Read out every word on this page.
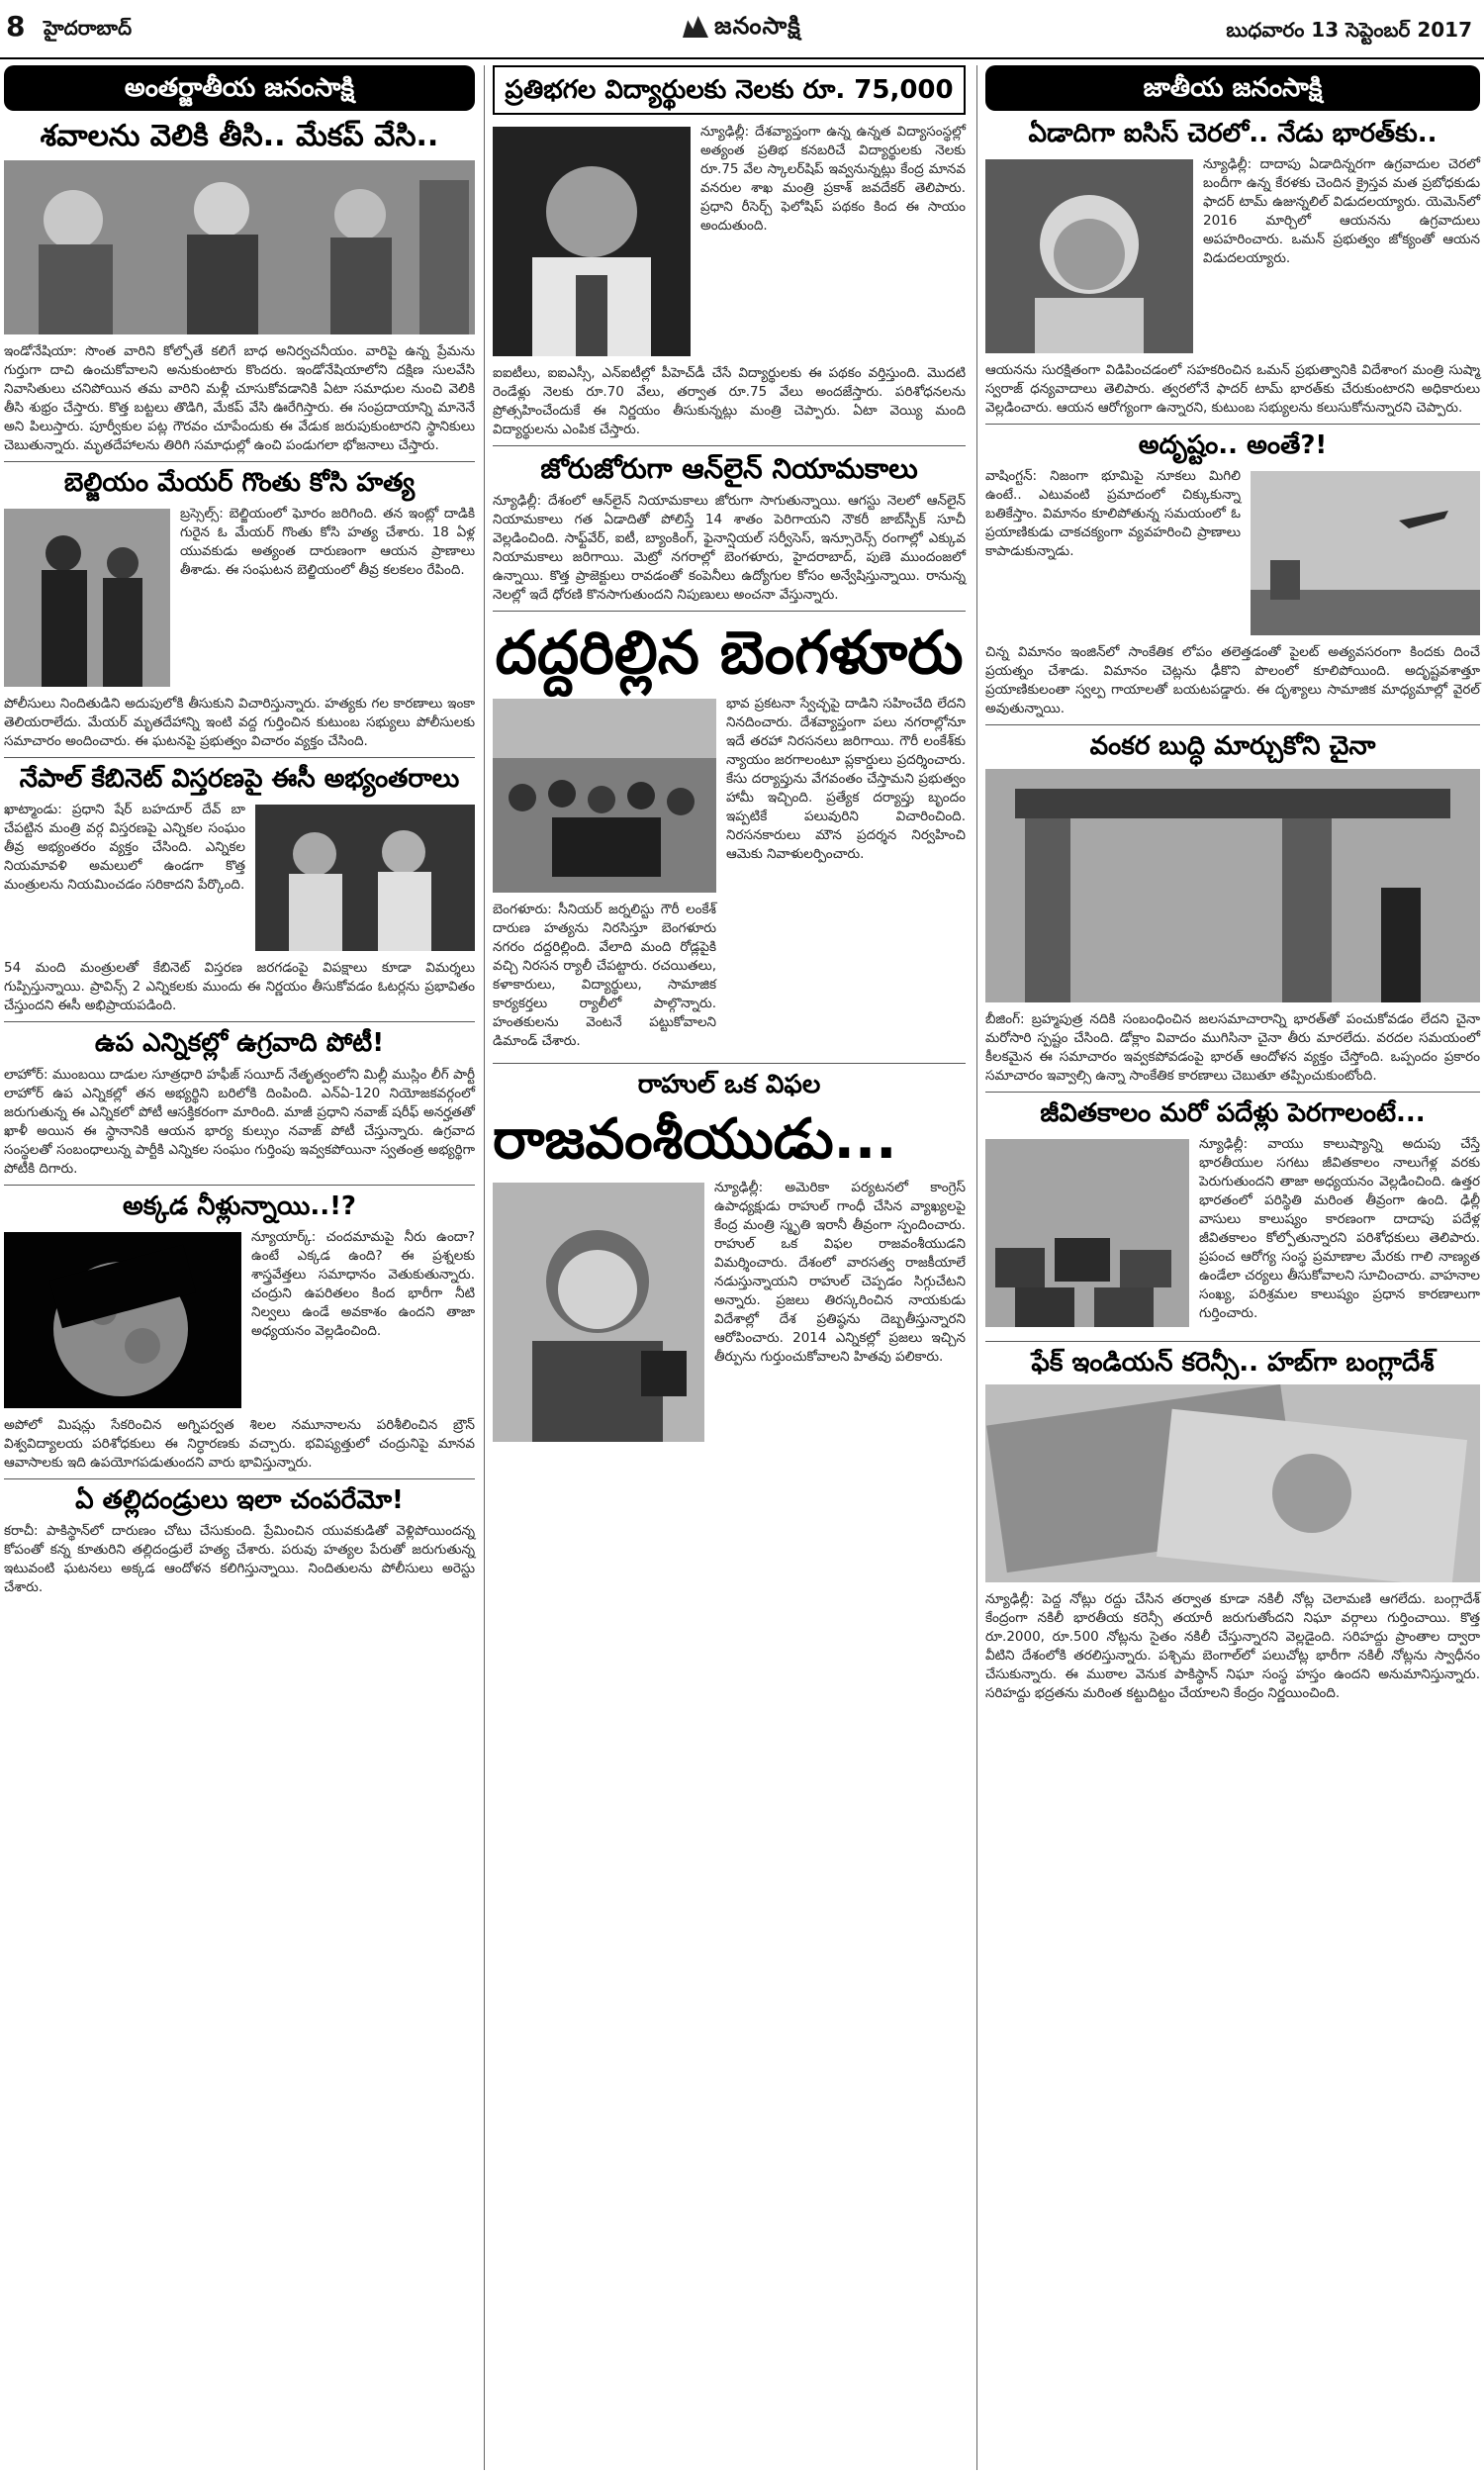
8 హైదరాబాద్	జనంసాక్షి	బుధవారం 13 సెప్టెంబర్ 2017
అంతర్జాతీయ జనంసాక్షి
శవాలను వెలికి తీసి.. మేకప్ వేసి..

ఇండోనేషియా: సొంత వారిని కోల్పోతే కలిగే బాధ అనిర్వచనీయం. వారిపై ఉన్న ప్రేమను గుర్తుగా దాచి ఉంచుకోవాలని అనుకుంటారు కొందరు. ఇండోనేషియాలోని దక్షిణ సులవేసి నివాసితులు చనిపోయిన తమ వారిని మళ్లీ చూసుకోవడానికి ఏటా సమాధుల నుంచి వెలికి తీసి శుభ్రం చేస్తారు. కొత్త బట్టలు తొడిగి, మేకప్ వేసి ఊరేగిస్తారు. ఈ సంప్రదాయాన్ని మానెనే అని పిలుస్తారు. పూర్వీకుల పట్ల గౌరవం చూపేందుకు ఈ వేడుక జరుపుకుంటారని స్థానికులు చెబుతున్నారు. మృతదేహాలను తిరిగి సమాధుల్లో ఉంచి పండుగలా భోజనాలు చేస్తారు.

బెల్జియం మేయర్ గొంతు కోసి హత్య

బ్రస్సెల్స్: బెల్జియంలో ఘోరం జరిగింది. తన ఇంట్లో దాడికి గురైన ఓ మేయర్ గొంతు కోసి హత్య చేశారు. 18 ఏళ్ల యువకుడు అత్యంత దారుణంగా ఆయన ప్రాణాలు తీశాడు. ఈ సంఘటన బెల్జియంలో తీవ్ర కలకలం రేపింది.

పోలీసులు నిందితుడిని అదుపులోకి తీసుకుని విచారిస్తున్నారు. హత్యకు గల కారణాలు ఇంకా తెలియరాలేదు. మేయర్ మృతదేహాన్ని ఇంటి వద్ద గుర్తించిన కుటుంబ సభ్యులు పోలీసులకు సమాచారం అందించారు. ఈ ఘటనపై ప్రభుత్వం విచారం వ్యక్తం చేసింది.

నేపాల్ కేబినెట్ విస్తరణపై ఈసీ అభ్యంతరాలు

ఖాట్మాండు: ప్రధాని షేర్ బహదూర్ దేవ్ బా చేపట్టిన మంత్రి వర్గ విస్తరణపై ఎన్నికల సంఘం తీవ్ర అభ్యంతరం వ్యక్తం చేసింది. ఎన్నికల నియమావళి అమలులో ఉండగా కొత్త మంత్రులను నియమించడం సరికాదని పేర్కొంది.

54 మంది మంత్రులతో కేబినెట్ విస్తరణ జరగడంపై విపక్షాలు కూడా విమర్శలు గుప్పిస్తున్నాయి. ప్రావిన్స్ 2 ఎన్నికలకు ముందు ఈ నిర్ణయం తీసుకోవడం ఓటర్లను ప్రభావితం చేస్తుందని ఈసీ అభిప్రాయపడింది.

ఉప ఎన్నికల్లో ఉగ్రవాది పోటీ!

లాహోర్: ముంబయి దాడుల సూత్రధారి హఫీజ్ సయీద్ నేతృత్వంలోని మిల్లీ ముస్లిం లీగ్ పార్టీ లాహోర్ ఉప ఎన్నికల్లో తన అభ్యర్థిని బరిలోకి దింపింది. ఎన్‌ఏ-120 నియోజకవర్గంలో జరుగుతున్న ఈ ఎన్నికలో పోటీ ఆసక్తికరంగా మారింది. మాజీ ప్రధాని నవాజ్ షరీఫ్ అనర్హతతో ఖాళీ అయిన ఈ స్థానానికి ఆయన భార్య కుల్సుం నవాజ్ పోటీ చేస్తున్నారు. ఉగ్రవాద సంస్థలతో సంబంధాలున్న పార్టీకి ఎన్నికల సంఘం గుర్తింపు ఇవ్వకపోయినా స్వతంత్ర అభ్యర్థిగా పోటీకి దిగారు.

అక్కడ నీళ్లున్నాయి..!?

న్యూయార్క్: చందమామపై నీరు ఉందా? ఉంటే ఎక్కడ ఉంది? ఈ ప్రశ్నలకు శాస్త్రవేత్తలు సమాధానం వెతుకుతున్నారు. చంద్రుని ఉపరితలం కింద భారీగా నీటి నిల్వలు ఉండే అవకాశం ఉందని తాజా అధ్యయనం వెల్లడించింది.

అపోలో మిషన్లు సేకరించిన అగ్నిపర్వత శిలల నమూనాలను పరిశీలించిన బ్రౌన్ విశ్వవిద్యాలయ పరిశోధకులు ఈ నిర్ధారణకు వచ్చారు. భవిష్యత్తులో చంద్రునిపై మానవ ఆవాసాలకు ఇది ఉపయోగపడుతుందని వారు భావిస్తున్నారు.

ఏ తల్లిదండ్రులు ఇలా చంపరేమో!

కరాచీ: పాకిస్థాన్‌లో దారుణం చోటు చేసుకుంది. ప్రేమించిన యువకుడితో వెళ్లిపోయిందన్న కోపంతో కన్న కూతురిని తల్లిదండ్రులే హత్య చేశారు. పరువు హత్యల పేరుతో జరుగుతున్న ఇటువంటి ఘటనలు అక్కడ ఆందోళన కలిగిస్తున్నాయి. నిందితులను పోలీసులు అరెస్టు చేశారు.

ప్రతిభగల విద్యార్థులకు నెలకు రూ. 75,000

న్యూఢిల్లీ: దేశవ్యాప్తంగా ఉన్న ఉన్నత విద్యాసంస్థల్లో అత్యంత ప్రతిభ కనబరిచే విద్యార్థులకు నెలకు రూ.75 వేల స్కాలర్‌షిప్ ఇవ్వనున్నట్లు కేంద్ర మానవ వనరుల శాఖ మంత్రి ప్రకాశ్ జవదేకర్ తెలిపారు. ప్రధాని రీసెర్చ్ ఫెలోషిప్ పథకం కింద ఈ సాయం అందుతుంది.

ఐఐటీలు, ఐఐఎస్సీ, ఎన్‌ఐటీల్లో పీహెచ్‌డీ చేసే విద్యార్థులకు ఈ పథకం వర్తిస్తుంది. మొదటి రెండేళ్లు నెలకు రూ.70 వేలు, తర్వాత రూ.75 వేలు అందజేస్తారు. పరిశోధనలను ప్రోత్సహించేందుకే ఈ నిర్ణయం తీసుకున్నట్లు మంత్రి చెప్పారు. ఏటా వెయ్యి మంది విద్యార్థులను ఎంపిక చేస్తారు.

జోరుజోరుగా ఆన్‌లైన్ నియామకాలు

న్యూఢిల్లీ: దేశంలో ఆన్‌లైన్ నియామకాలు జోరుగా సాగుతున్నాయి. ఆగస్టు నెలలో ఆన్‌లైన్ నియామకాలు గత ఏడాదితో పోలిస్తే 14 శాతం పెరిగాయని నౌకరీ జాబ్‌స్పీక్ సూచీ వెల్లడించింది. సాఫ్ట్‌వేర్, ఐటీ, బ్యాంకింగ్, ఫైనాన్షియల్ సర్వీసెస్, ఇన్సూరెన్స్ రంగాల్లో ఎక్కువ నియామకాలు జరిగాయి. మెట్రో నగరాల్లో బెంగళూరు, హైదరాబాద్, పుణె ముందంజలో ఉన్నాయి. కొత్త ప్రాజెక్టులు రావడంతో కంపెనీలు ఉద్యోగుల కోసం అన్వేషిస్తున్నాయి. రానున్న నెలల్లో ఇదే ధోరణి కొనసాగుతుందని నిపుణులు అంచనా వేస్తున్నారు.

దద్దరిల్లిన బెంగళూరు

బెంగళూరు: సీనియర్ జర్నలిస్టు గౌరీ లంకేశ్ దారుణ హత్యను నిరసిస్తూ బెంగళూరు నగరం దద్దరిల్లింది. వేలాది మంది రోడ్లపైకి వచ్చి నిరసన ర్యాలీ చేపట్టారు. రచయితలు, కళాకారులు, విద్యార్థులు, సామాజిక కార్యకర్తలు ర్యాలీలో పాల్గొన్నారు. హంతకులను వెంటనే పట్టుకోవాలని డిమాండ్ చేశారు.

భావ ప్రకటనా స్వేచ్ఛపై దాడిని సహించేది లేదని నినదించారు. దేశవ్యాప్తంగా పలు నగరాల్లోనూ ఇదే తరహా నిరసనలు జరిగాయి. గౌరీ లంకేశ్‌కు న్యాయం జరగాలంటూ ప్లకార్డులు ప్రదర్శించారు. కేసు దర్యాప్తును వేగవంతం చేస్తామని ప్రభుత్వం హామీ ఇచ్చింది. ప్రత్యేక దర్యాప్తు బృందం ఇప్పటికే పలువురిని విచారించింది. నిరసనకారులు మౌన ప్రదర్శన నిర్వహించి ఆమెకు నివాళులర్పించారు.

రాహుల్ ఒక విఫల
రాజవంశీయుడు...

న్యూఢిల్లీ: అమెరికా పర్యటనలో కాంగ్రెస్ ఉపాధ్యక్షుడు రాహుల్ గాంధీ చేసిన వ్యాఖ్యలపై కేంద్ర మంత్రి స్మృతి ఇరానీ తీవ్రంగా స్పందించారు. రాహుల్ ఒక విఫల రాజవంశీయుడని విమర్శించారు. దేశంలో వారసత్వ రాజకీయాలే నడుస్తున్నాయని రాహుల్ చెప్పడం సిగ్గుచేటని అన్నారు. ప్రజలు తిరస్కరించిన నాయకుడు విదేశాల్లో దేశ ప్రతిష్ఠను దెబ్బతీస్తున్నారని ఆరోపించారు. 2014 ఎన్నికల్లో ప్రజలు ఇచ్చిన తీర్పును గుర్తుంచుకోవాలని హితవు పలికారు.

జాతీయ జనంసాక్షి
ఏడాదిగా ఐసిస్ చెరలో.. నేడు భారత్‌కు..

న్యూఢిల్లీ: దాదాపు ఏడాదిన్నరగా ఉగ్రవాదుల చెరలో బందీగా ఉన్న కేరళకు చెందిన క్రైస్తవ మత ప్రబోధకుడు ఫాదర్ టామ్ ఉజున్నలిల్ విడుదలయ్యారు. యెమెన్‌లో 2016 మార్చిలో ఆయనను ఉగ్రవాదులు అపహరించారు. ఒమన్ ప్రభుత్వం జోక్యంతో ఆయన విడుదలయ్యారు.

ఆయనను సురక్షితంగా విడిపించడంలో సహకరించిన ఒమన్ ప్రభుత్వానికి విదేశాంగ మంత్రి సుష్మా స్వరాజ్ ధన్యవాదాలు తెలిపారు. త్వరలోనే ఫాదర్ టామ్ భారత్‌కు చేరుకుంటారని అధికారులు వెల్లడించారు. ఆయన ఆరోగ్యంగా ఉన్నారని, కుటుంబ సభ్యులను కలుసుకోనున్నారని చెప్పారు.

అదృష్టం.. అంతే?!

వాషింగ్టన్: నిజంగా భూమిపై నూకలు మిగిలి ఉంటే.. ఎటువంటి ప్రమాదంలో చిక్కుకున్నా బతికేస్తాం. విమానం కూలిపోతున్న సమయంలో ఓ ప్రయాణికుడు చాకచక్యంగా వ్యవహరించి ప్రాణాలు కాపాడుకున్నాడు.

చిన్న విమానం ఇంజిన్‌లో సాంకేతిక లోపం తలెత్తడంతో పైలట్ అత్యవసరంగా కిందకు దించే ప్రయత్నం చేశాడు. విమానం చెట్లను ఢీకొని పొలంలో కూలిపోయింది. అదృష్టవశాత్తూ ప్రయాణికులంతా స్వల్ప గాయాలతో బయటపడ్డారు. ఈ దృశ్యాలు సామాజిక మాధ్యమాల్లో వైరల్ అవుతున్నాయి.

వంకర బుద్ధి మార్చుకోని చైనా

బీజింగ్: బ్రహ్మపుత్ర నదికి సంబంధించిన జలసమాచారాన్ని భారత్‌తో పంచుకోవడం లేదని చైనా మరోసారి స్పష్టం చేసింది. డోక్లాం వివాదం ముగిసినా చైనా తీరు మారలేదు. వరదల సమయంలో కీలకమైన ఈ సమాచారం ఇవ్వకపోవడంపై భారత్ ఆందోళన వ్యక్తం చేస్తోంది. ఒప్పందం ప్రకారం సమాచారం ఇవ్వాల్సి ఉన్నా సాంకేతిక కారణాలు చెబుతూ తప్పించుకుంటోంది.

జీవితకాలం మరో పదేళ్లు పెరగాలంటే...

న్యూఢిల్లీ: వాయు కాలుష్యాన్ని అదుపు చేస్తే భారతీయుల సగటు జీవితకాలం నాలుగేళ్ల వరకు పెరుగుతుందని తాజా అధ్యయనం వెల్లడించింది. ఉత్తర భారతంలో పరిస్థితి మరింత తీవ్రంగా ఉంది. ఢిల్లీ వాసులు కాలుష్యం కారణంగా దాదాపు పదేళ్ల జీవితకాలం కోల్పోతున్నారని పరిశోధకులు తెలిపారు. ప్రపంచ ఆరోగ్య సంస్థ ప్రమాణాల మేరకు గాలి నాణ్యత ఉండేలా చర్యలు తీసుకోవాలని సూచించారు. వాహనాల సంఖ్య, పరిశ్రమల కాలుష్యం ప్రధాన కారణాలుగా గుర్తించారు.

ఫేక్ ఇండియన్ కరెన్సీ.. హబ్‌గా బంగ్లాదేశ్

న్యూఢిల్లీ: పెద్ద నోట్లు రద్దు చేసిన తర్వాత కూడా నకిలీ నోట్ల చెలామణి ఆగలేదు. బంగ్లాదేశ్ కేంద్రంగా నకిలీ భారతీయ కరెన్సీ తయారీ జరుగుతోందని నిఘా వర్గాలు గుర్తించాయి. కొత్త రూ.2000, రూ.500 నోట్లను సైతం నకిలీ చేస్తున్నారని వెల్లడైంది. సరిహద్దు ప్రాంతాల ద్వారా వీటిని దేశంలోకి తరలిస్తున్నారు. పశ్చిమ బెంగాల్‌లో పలుచోట్ల భారీగా నకిలీ నోట్లను స్వాధీనం చేసుకున్నారు. ఈ ముఠాల వెనుక పాకిస్థాన్ నిఘా సంస్థ హస్తం ఉందని అనుమానిస్తున్నారు. సరిహద్దు భద్రతను మరింత కట్టుదిట్టం చేయాలని కేంద్రం నిర్ణయించింది.
